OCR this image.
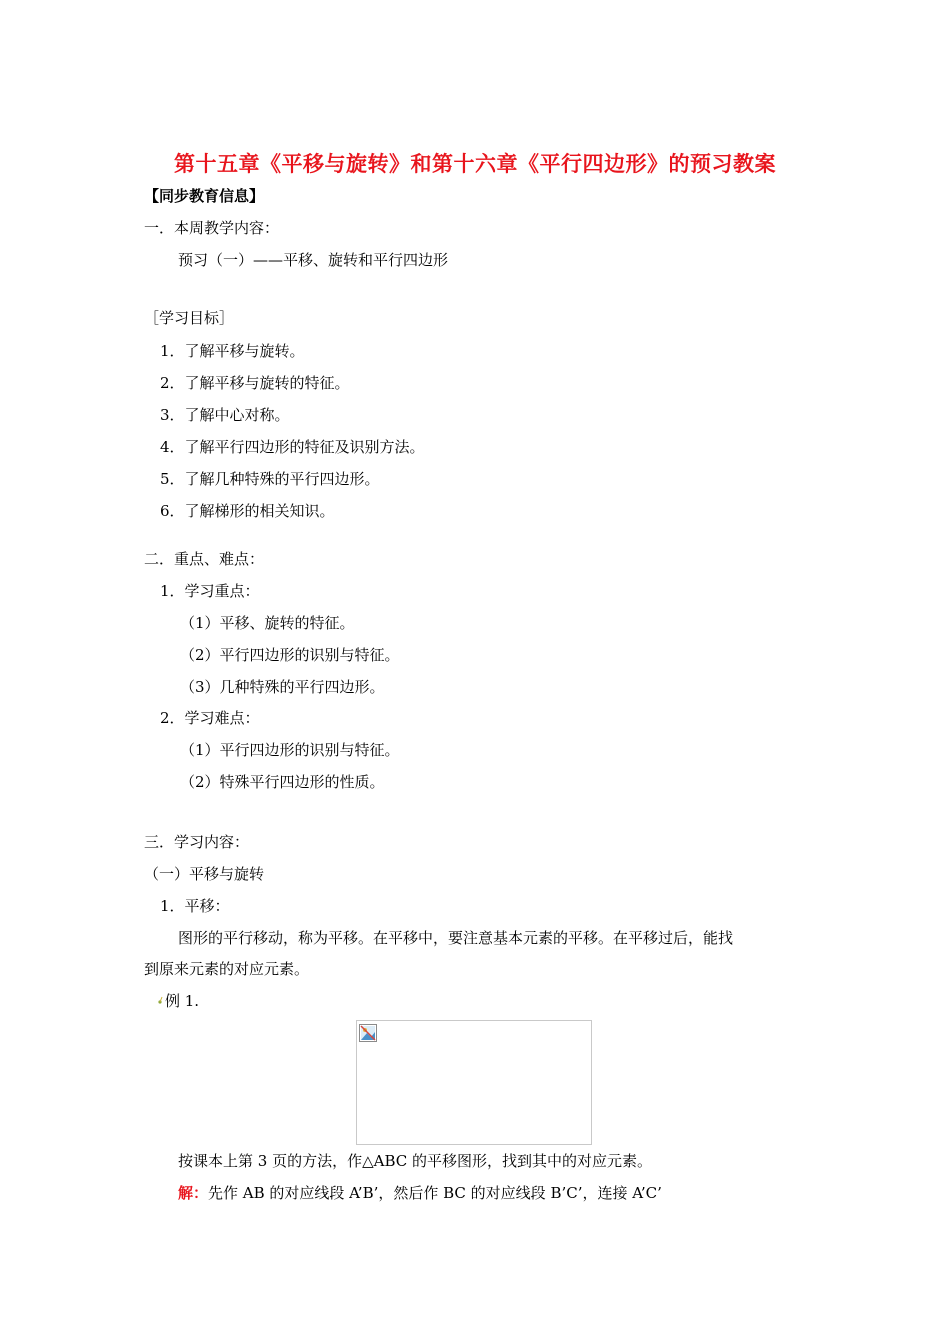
第十五章《平移与旋转》和第十六章《平行四边形》的预习教案
【同步教育信息】
一．本周教学内容：
预习（一）——平移、旋转和平行四边形
［学习目标］
1．了解平移与旋转。
2．了解平移与旋转的特征。
3．了解中心对称。
4．了解平行四边形的特征及识别方法。
5．了解几种特殊的平行四边形。
6．了解梯形的相关知识。
二．重点、难点：
1．学习重点：
（1）平移、旋转的特征。
（2）平行四边形的识别与特征。
（3）几种特殊的平行四边形。
2．学习难点：
（1）平行四边形的识别与特征。
（2）特殊平行四边形的性质。
三．学习内容：
（一）平移与旋转
1．平移：
图形的平行移动，称为平移。在平移中，要注意基本元素的平移。在平移过后，能找
到原来元素的对应元素。
例 1.
按课本上第 3 页的方法，作△ABC 的平移图形，找到其中的对应元素。
解：先作 AB 的对应线段 A’B’，然后作 BC 的对应线段 B’C’，连接 A’C’
